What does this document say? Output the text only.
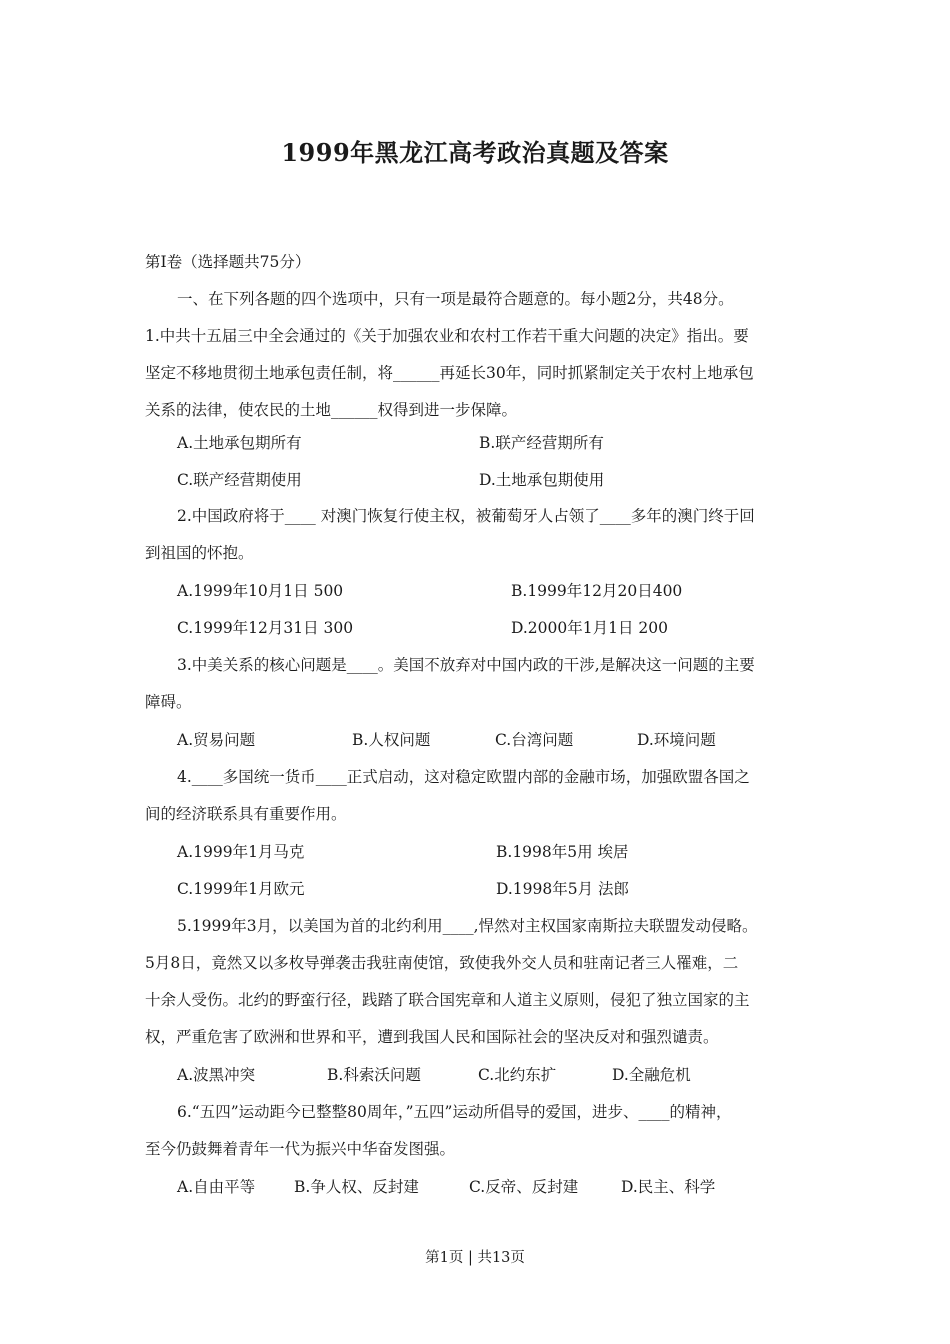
1999年黑龙江高考政治真题及答案
第Ⅰ卷（选择题共75分）
一、在下列各题的四个选项中，只有一项是最符合题意的。每小题2分，共48分。
1.中共十五届三中全会通过的《关于加强农业和农村工作若干重大问题的决定》指出。要
坚定不移地贯彻土地承包责任制，将______再延长30年，同时抓紧制定关于农村上地承包
关系的法律，使农民的土地______权得到进一步保障。
A.土地承包期所有	B.联产经营期所有
C.联产经营期使用	D.土地承包期使用
2.中国政府将于____ 对澳门恢复行使主权，被葡萄牙人占领了____多年的澳门终于回
到祖国的怀抱。
A.1999年10月1日 500	B.1999年12月20日400
C.1999年12月31日 300	D.2000年1月1日 200
3.中美关系的核心问题是____。美国不放弃对中国内政的干涉,是解决这一问题的主要
障碍。
A.贸易问题	B.人权问题	C.台湾问题	D.环境问题
4.____多国统一货币____正式启动，这对稳定欧盟内部的金融市场，加强欧盟各国之
间的经济联系具有重要作用。
A.1999年1月马克	B.1998年5用 埃居
C.1999年1月欧元	D.1998年5月 法郎
5.1999年3月，以美国为首的北约利用____,悍然对主权国家南斯拉夫联盟发动侵略。
5月8日，竟然又以多枚导弹袭击我驻南使馆，致使我外交人员和驻南记者三人罹难，二
十余人受伤。北约的野蛮行径，践踏了联合国宪章和人道主义原则，侵犯了独立国家的主
权，严重危害了欧洲和世界和平，遭到我国人民和国际社会的坚决反对和强烈谴责。
A.波黑冲突	B.科索沃问题	C.北约东扩	D.全融危机
6.“五四”运动距今已整整80周年，”五四”运动所倡导的爱国，进步、____的精神，
至今仍鼓舞着青年一代为振兴中华奋发图强。
A.自由平等	B.争人权、反封建	C.反帝、反封建	D.民主、科学
第1页 | 共13页
